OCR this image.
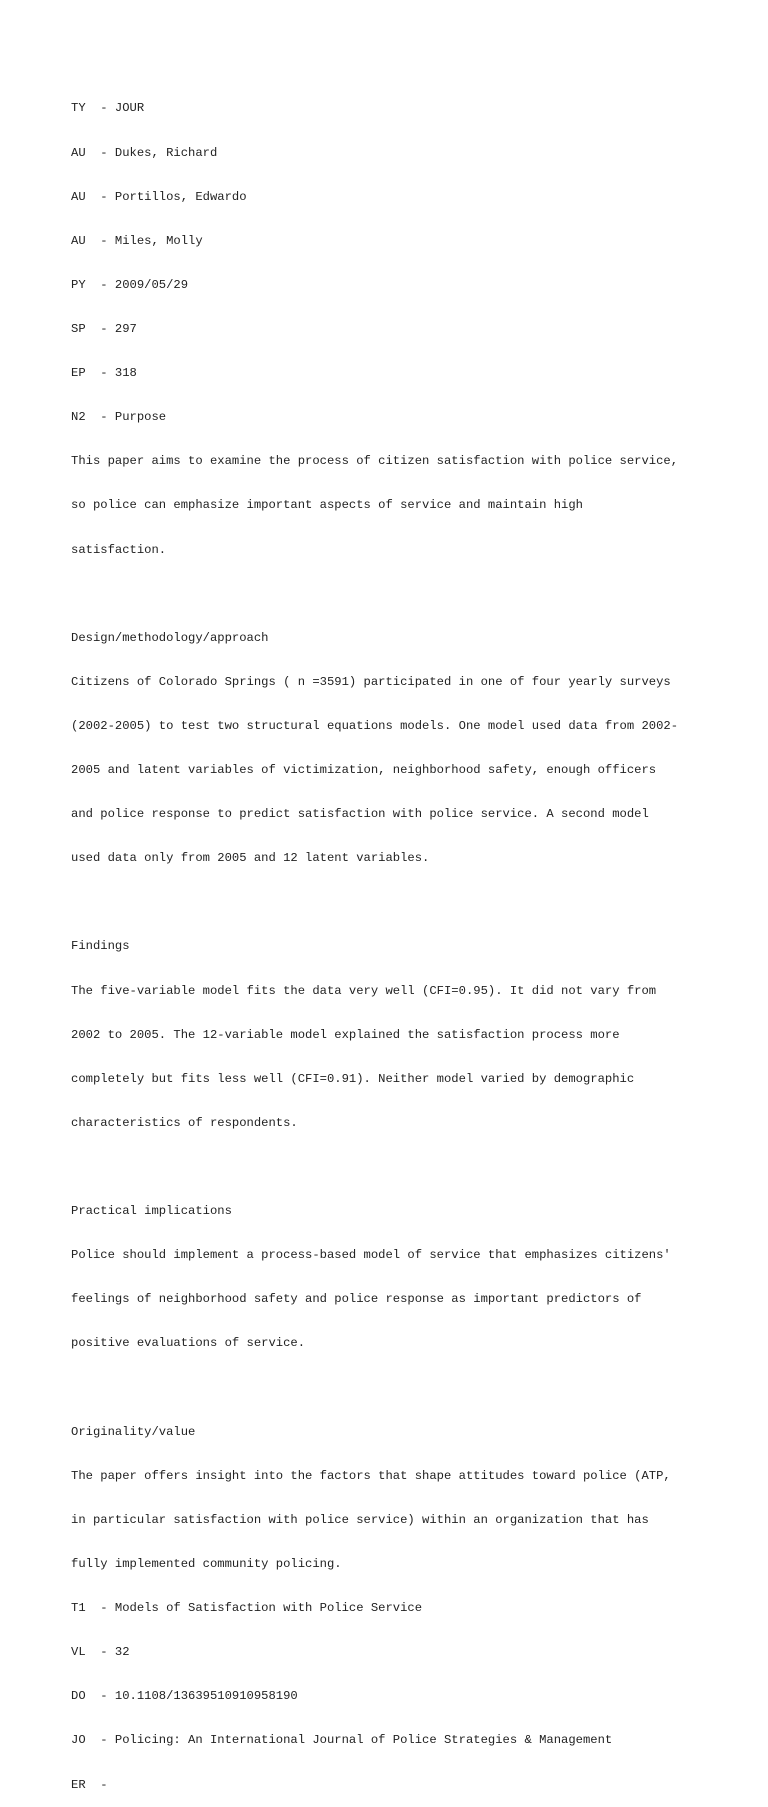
TY  - JOUR

AU  - Dukes, Richard

AU  - Portillos, Edwardo

AU  - Miles, Molly

PY  - 2009/05/29

SP  - 297

EP  - 318

N2  - Purpose

This paper aims to examine the process of citizen satisfaction with police service,

so police can emphasize important aspects of service and maintain high

satisfaction.

Design/methodology/approach

Citizens of Colorado Springs ( n =3591) participated in one of four yearly surveys

(2002-2005) to test two structural equations models. One model used data from 2002-

2005 and latent variables of victimization, neighborhood safety, enough officers

and police response to predict satisfaction with police service. A second model

used data only from 2005 and 12 latent variables.

Findings

The five-variable model fits the data very well (CFI=0.95). It did not vary from

2002 to 2005. The 12-variable model explained the satisfaction process more

completely but fits less well (CFI=0.91). Neither model varied by demographic

characteristics of respondents.

Practical implications

Police should implement a process-based model of service that emphasizes citizens'

feelings of neighborhood safety and police response as important predictors of

positive evaluations of service.

Originality/value

The paper offers insight into the factors that shape attitudes toward police (ATP,

in particular satisfaction with police service) within an organization that has

fully implemented community policing.

T1  - Models of Satisfaction with Police Service

VL  - 32

DO  - 10.1108/13639510910958190

JO  - Policing: An International Journal of Police Strategies & Management

ER  -
